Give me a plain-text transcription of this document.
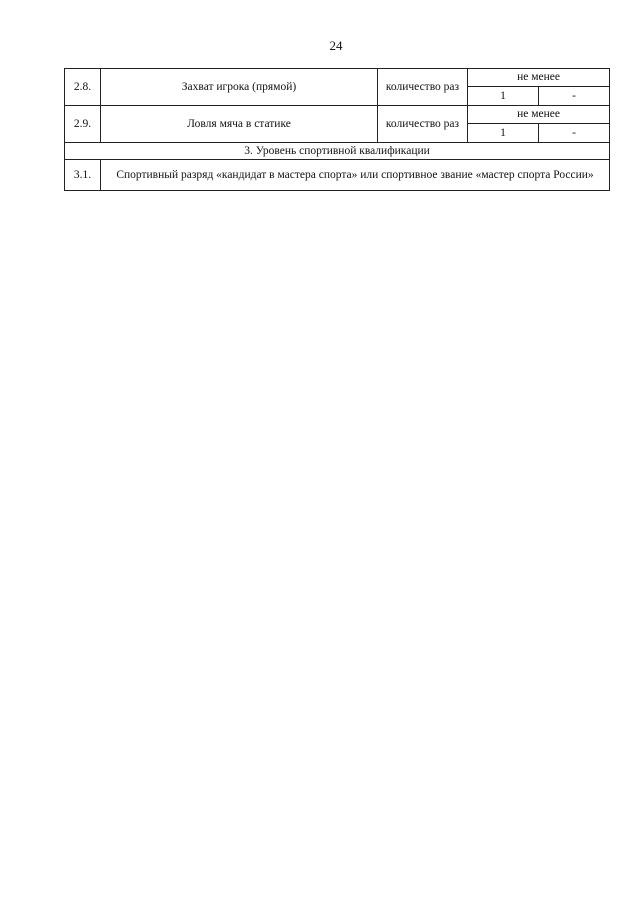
24
2.8.	Захват игрока (прямой)	количество раз	не менее	
			1	-
2.9.	Ловля мяча в статике	количество раз	не менее	
			1	-
3. Уровень спортивной квалификации				
3.1.	Спортивный разряд «кандидат в мастера спорта» или спортивное звание «мастер спорта России»			
